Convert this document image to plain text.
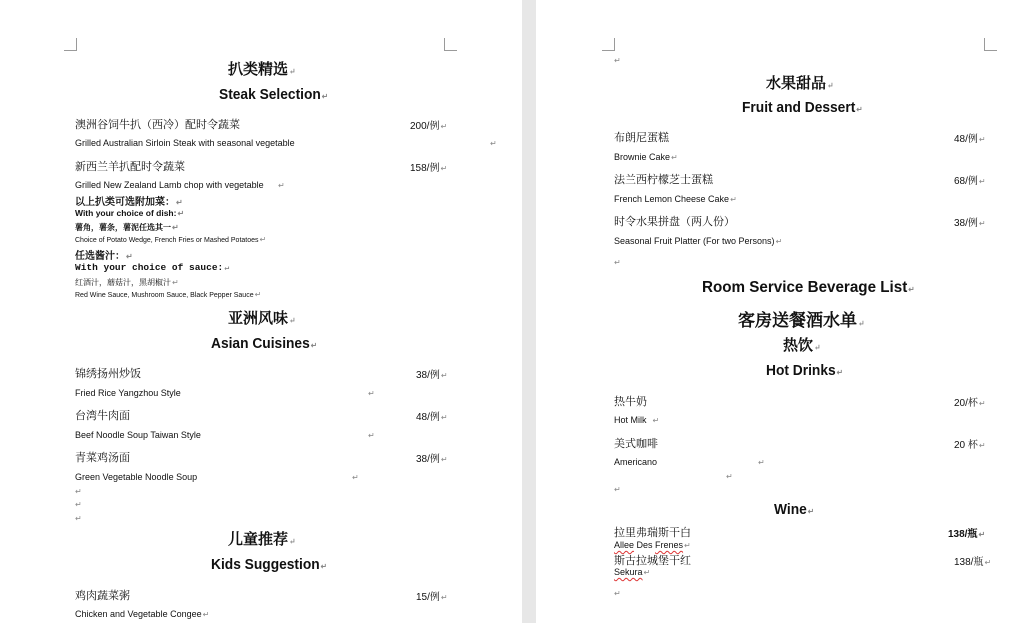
扒类精选↵
Steak Selection↵
澳洲谷饲牛扒（西冷）配时令蔬菜	200/例↵
Grilled Australian Sirloin Steak with seasonal vegetable	↵
新西兰羊扒配时令蔬菜	158/例↵
Grilled New Zealand Lamb chop with vegetable ↵
以上扒类可选附加菜：↵
With your choice of dish:↵
薯角，薯条，薯泥任选其一↵
Choice of Potato Wedge, French Fries or Mashed Potatoes↵
任选酱汁：↵
With your choice of sauce:↵
红酒汁，蘑菇汁，黑胡椒汁↵
Red Wine Sauce, Mushroom Sauce, Black Pepper Sauce↵
亚洲风味↵
Asian Cuisines↵
锦绣扬州炒饭	38/例↵
Fried Rice Yangzhou Style	↵
台湾牛肉面	48/例↵
Beef Noodle Soup Taiwan Style	↵
青菜鸡汤面	38/例↵
Green Vegetable Noodle Soup	↵
↵
↵
↵
儿童推荐↵
Kids Suggestion↵
鸡肉蔬菜粥	15/例↵
Chicken and Vegetable Congee↵
↵
水果甜品↵
Fruit and Dessert↵
布朗尼蛋糕	48/例↵
Brownie Cake↵
法兰西柠檬芝士蛋糕	68/例↵
French Lemon Cheese Cake↵
时令水果拼盘（两人份）	38/例↵
Seasonal Fruit Platter (For two Persons)↵
↵
Room Service Beverage List↵
客房送餐酒水单↵
热饮↵
Hot Drinks↵
热牛奶	20/杯↵
Hot Milk ↵
美式咖啡	20 杯↵
Americano	↵
↵
↵
Wine↵
拉里弗瑞斯干白	138/瓶↵
Allee Des Frenes↵
斯古拉城堡干红	138/瓶↵
Sekura↵
↵
